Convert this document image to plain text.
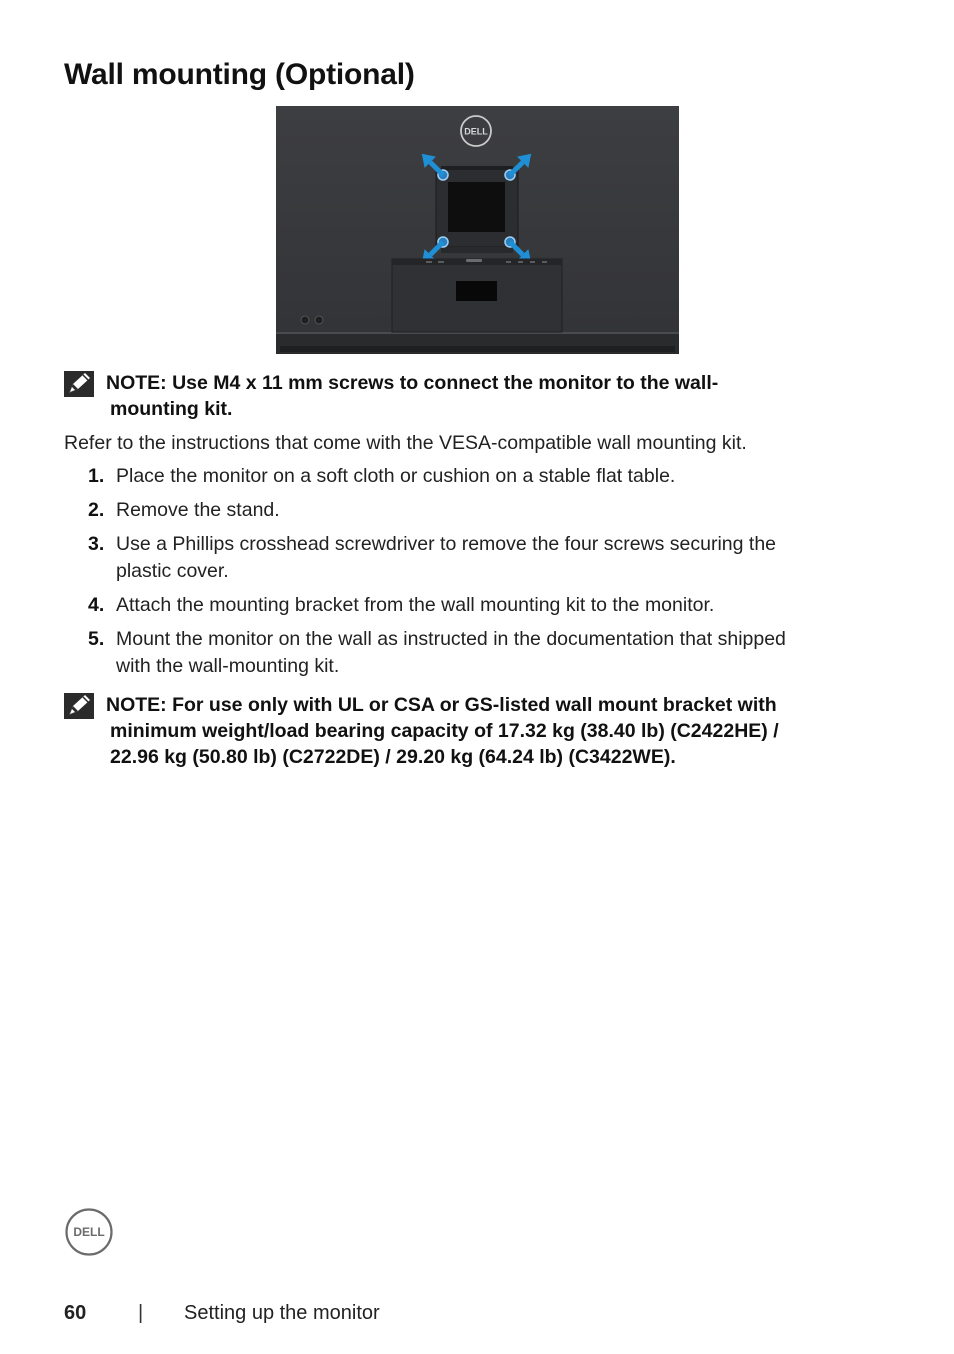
Wall mounting (Optional)
DELL

NOTE: Use M4 x 11 mm screws to connect the monitor to the wall-
mounting kit.

Refer to the instructions that come with the VESA-compatible wall mounting kit.

1. Place the monitor on a soft cloth or cushion on a stable flat table.
2. Remove the stand.
3. Use a Phillips crosshead screwdriver to remove the four screws securing the
plastic cover.
4. Attach the mounting bracket from the wall mounting kit to the monitor.
5. Mount the monitor on the wall as instructed in the documentation that shipped
with the wall-mounting kit.

NOTE: For use only with UL or CSA or GS-listed wall mount bracket with
minimum weight/load bearing capacity of 17.32 kg (38.40 lb) (C2422HE) /
22.96 kg (50.80 lb) (C2722DE) / 29.20 kg (64.24 lb) (C3422WE).

DELL
60	| Setting up the monitor
